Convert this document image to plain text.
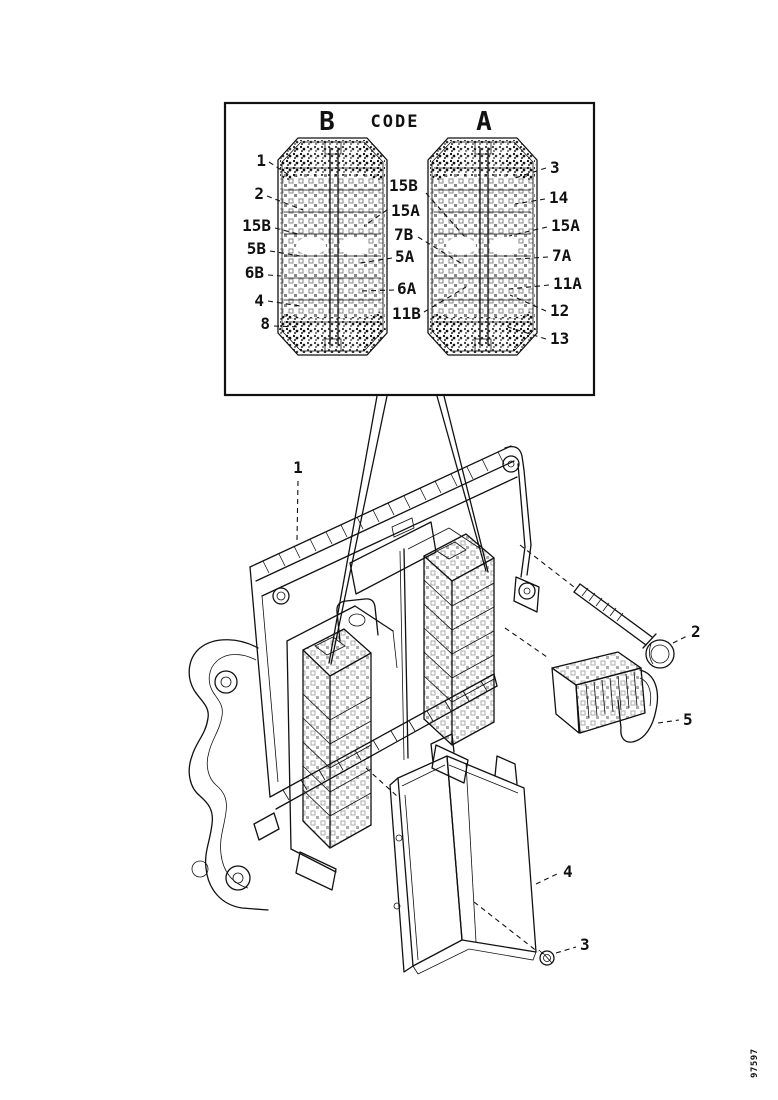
B CODE A
1
2
15B
5B
6B
4
8
15B
15A
7B
5A
6A
11B
3
14
15A
7A
11A
12
13
1
2
5
4
3
97597
